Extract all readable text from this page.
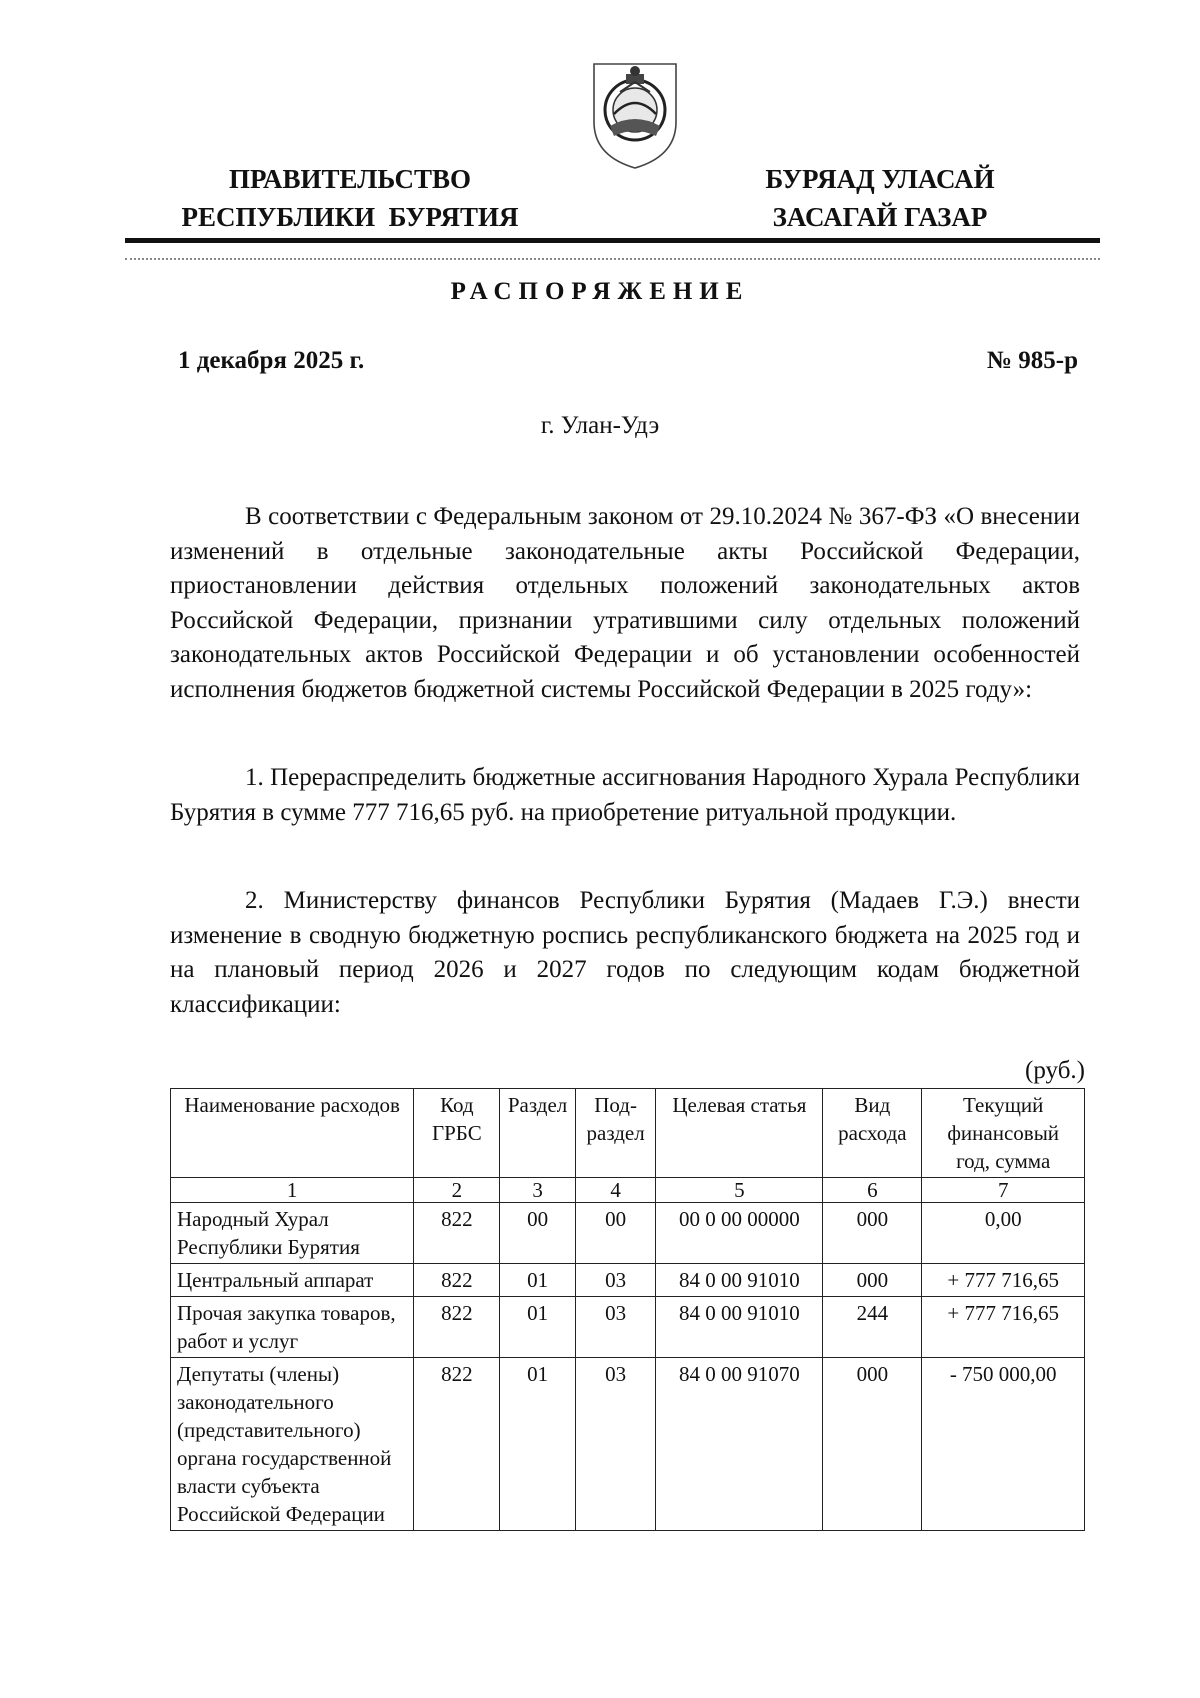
ПРАВИТЕЛЬСТВО
РЕСПУБЛИКИ  БУРЯТИЯ
БУРЯАД УЛАСАЙ
ЗАСАГАЙ ГАЗАР
РАСПОРЯЖЕНИЕ
1 декабря 2025 г.	№ 985-р
г. Улан-Удэ

В соответствии с Федеральным законом от 29.10.2024 № 367-ФЗ «О внесении изменений в отдельные законодательные акты Российской Федерации, приостановлении действия отдельных положений законодательных актов Российской Федерации, признании утратившими силу отдельных положений законодательных актов Российской Федерации и об установлении особенностей исполнения бюджетов бюджетной системы Российской Федерации в 2025 году»:

1. Перераспределить бюджетные ассигнования Народного Хурала Республики Бурятия в сумме 777 716,65 руб. на приобретение ритуальной продукции.

2. Министерству финансов Республики Бурятия (Мадаев Г.Э.) внести изменение в сводную бюджетную роспись республиканского бюджета на 2025 год и на плановый период 2026 и 2027 годов по следующим кодам бюджетной классификации:

(руб.)
Наименование расходов	Код ГРБС	Раздел	Подраздел	Целевая статья	Вид расхода	Текущий финансовый год, сумма
1	2	3	4	5	6	7
Народный Хурал Республики Бурятия	822	00	00	00 0 00 00000	000	0,00
Центральный аппарат	822	01	03	84 0 00 91010	000	+ 777 716,65
Прочая закупка товаров, работ и услуг	822	01	03	84 0 00 91010	244	+ 777 716,65
Депутаты (члены) законодательного (представительного) органа государственной власти субъекта Российской Федерации	822	01	03	84 0 00 91070	000	- 750 000,00
